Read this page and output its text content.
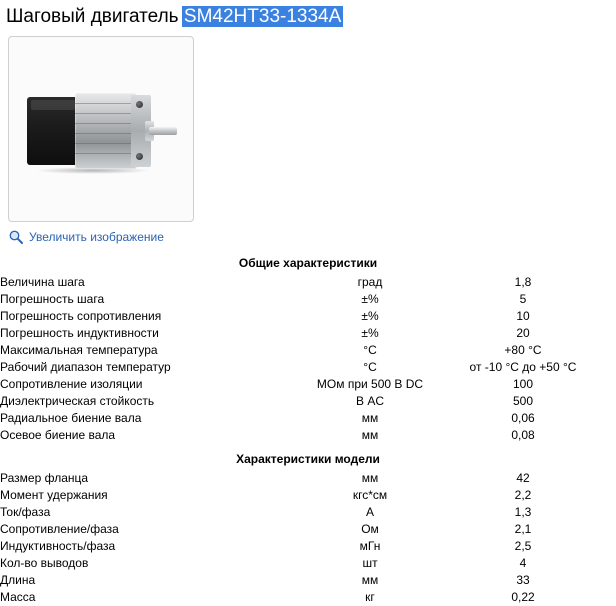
Шаговый двигатель SM42HT33-1334A
Увеличить изображение
Общие характеристики
Величина шага	град	1,8
Погрешность шага	±%	5
Погрешность сопротивления	±%	10
Погрешность индуктивности	±%	20
Максимальная температура	°С	+80 °C
Рабочий диапазон температур	°С	от -10 °C до +50 °C
Сопротивление изоляции	МОм при 500 В DC	100
Диэлектрическая стойкость	В AC	500
Радиальное биение вала	мм	0,06
Осевое биение вала	мм	0,08
Характеристики модели
Размер фланца	мм	42
Момент удержания	кгс*см	2,2
Ток/фаза	А	1,3
Сопротивление/фаза	Ом	2,1
Индуктивность/фаза	мГн	2,5
Кол-во выводов	шт	4
Длина	мм	33
Масса	кг	0,22
